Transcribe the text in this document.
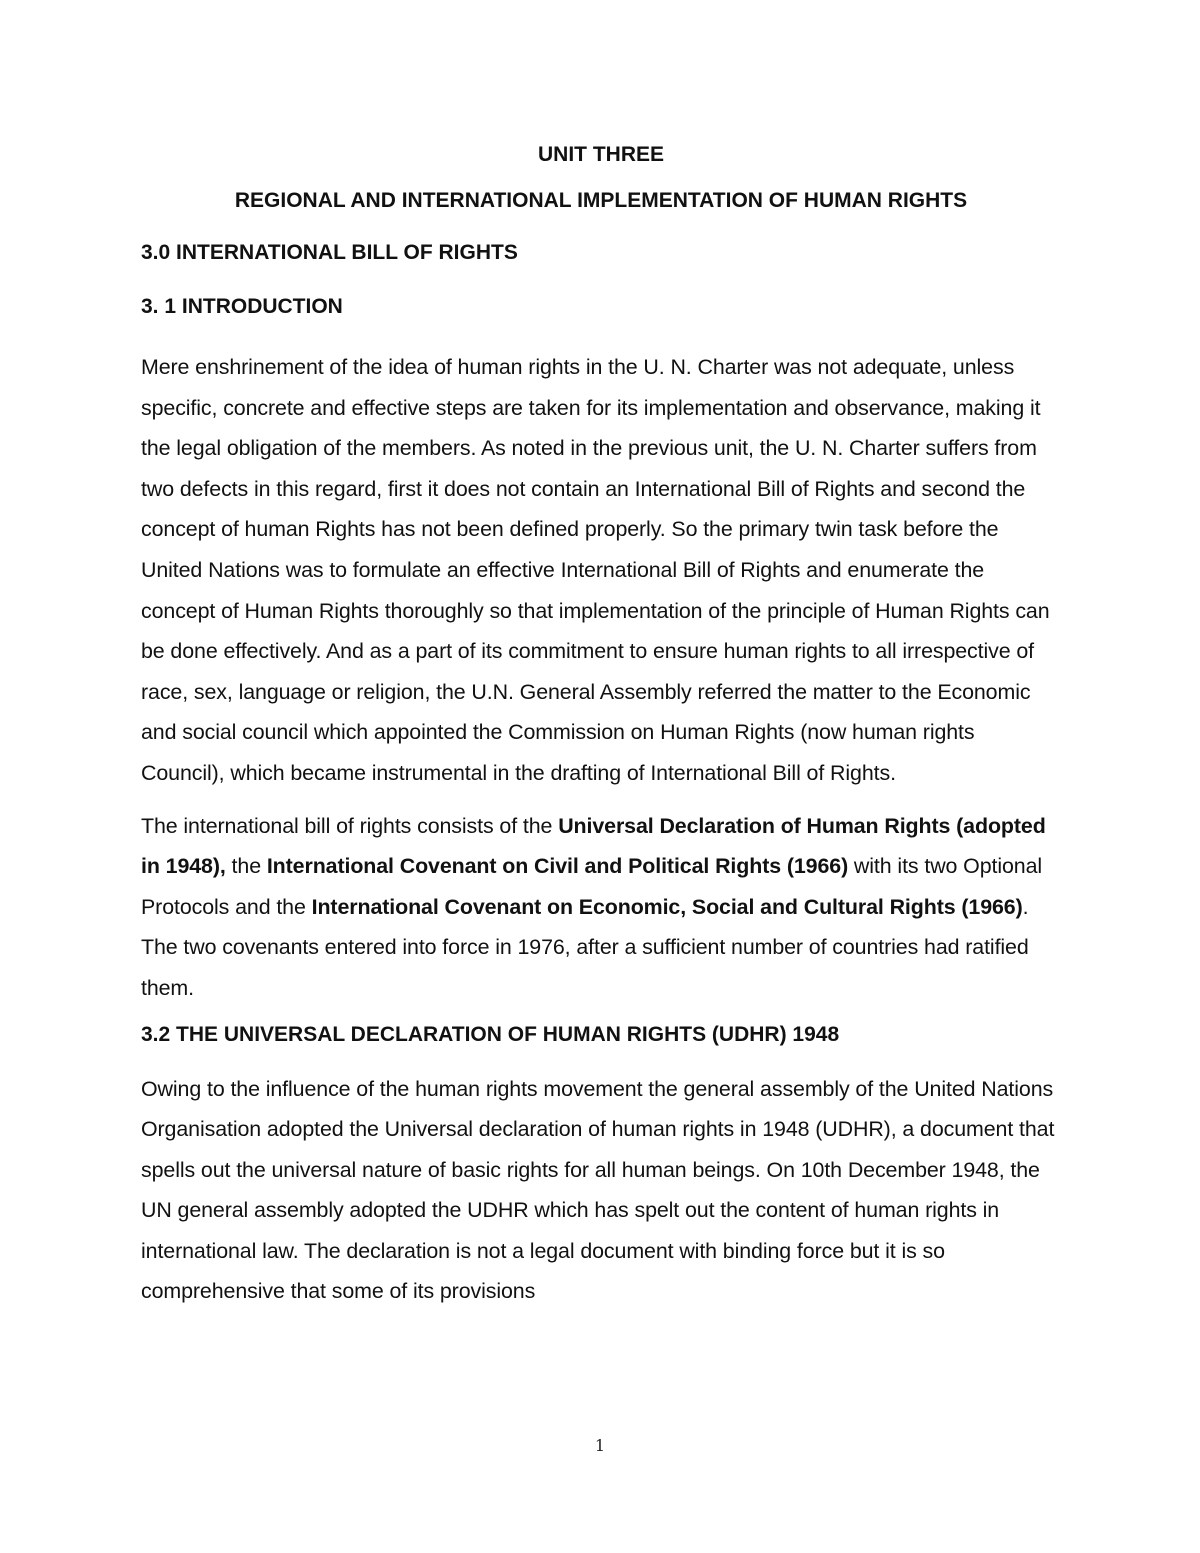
UNIT THREE
REGIONAL AND INTERNATIONAL IMPLEMENTATION OF HUMAN RIGHTS
3.0 INTERNATIONAL BILL OF RIGHTS
3. 1 INTRODUCTION

Mere enshrinement of the idea of human rights in the U. N. Charter was not adequate, unless specific, concrete and effective steps are taken for its implementation and observance, making it the legal obligation of the members. As noted in the previous unit, the U. N. Charter suffers from two defects in this regard, first it does not contain an International Bill of Rights and second the concept of human Rights has not been defined properly. So the primary twin task before the United Nations was to formulate an effective International Bill of Rights and enumerate the concept of Human Rights thoroughly so that implementation of the principle of Human Rights can be done effectively. And as a part of its commitment to ensure human rights to all irrespective of race, sex, language or religion, the U.N. General Assembly referred the matter to the Economic and social council which appointed the Commission on Human Rights (now human rights Council), which became instrumental in the drafting of International Bill of Rights.

The international bill of rights consists of the Universal Declaration of Human Rights (adopted in 1948), the International Covenant on Civil and Political Rights (1966) with its two Optional Protocols and the International Covenant on Economic, Social and Cultural Rights (1966). The two covenants entered into force in 1976, after a sufficient number of countries had ratified them.

3.2 THE UNIVERSAL DECLARATION OF HUMAN RIGHTS (UDHR) 1948

Owing to the influence of the human rights movement the general assembly of the United Nations Organisation adopted the Universal declaration of human rights in 1948 (UDHR), a document that spells out the universal nature of basic rights for all human beings. On 10th December 1948, the UN general assembly adopted the UDHR which has spelt out the content of human rights in international law. The declaration is not a legal document with binding force but it is so comprehensive that some of its provisions

1
